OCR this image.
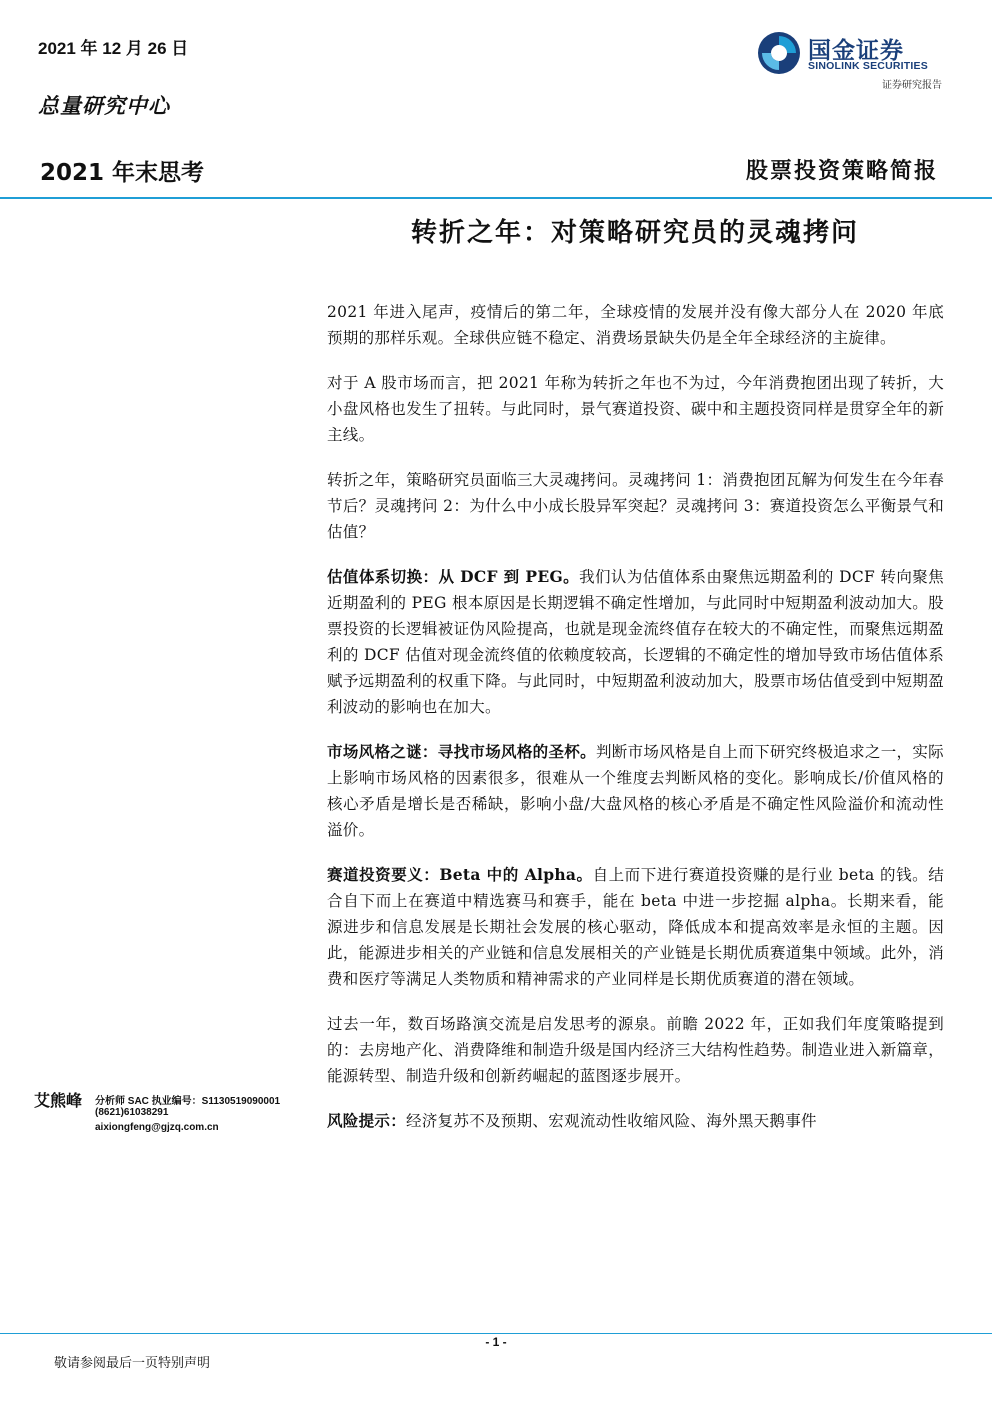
2021 年 12 月 26 日
总量研究中心
国金证券
SINOLINK SECURITIES
证券研究报告
2021 年末思考	股票投资策略简报
转折之年：对策略研究员的灵魂拷问

2021 年进入尾声，疫情后的第二年，全球疫情的发展并没有像大部分人在 2020 年底预期的那样乐观。全球供应链不稳定、消费场景缺失仍是全年全球经济的主旋律。

对于 A 股市场而言，把 2021 年称为转折之年也不为过，今年消费抱团出现了转折，大小盘风格也发生了扭转。与此同时，景气赛道投资、碳中和主题投资同样是贯穿全年的新主线。

转折之年，策略研究员面临三大灵魂拷问。灵魂拷问 1：消费抱团瓦解为何发生在今年春节后？灵魂拷问 2：为什么中小成长股异军突起？灵魂拷问 3：赛道投资怎么平衡景气和估值？

估值体系切换：从 DCF 到 PEG。我们认为估值体系由聚焦远期盈利的 DCF 转向聚焦近期盈利的 PEG 根本原因是长期逻辑不确定性增加，与此同时中短期盈利波动加大。股票投资的长逻辑被证伪风险提高，也就是现金流终值存在较大的不确定性，而聚焦远期盈利的 DCF 估值对现金流终值的依赖度较高，长逻辑的不确定性的增加导致市场估值体系赋予远期盈利的权重下降。与此同时，中短期盈利波动加大，股票市场估值受到中短期盈利波动的影响也在加大。

市场风格之谜：寻找市场风格的圣杯。判断市场风格是自上而下研究终极追求之一，实际上影响市场风格的因素很多，很难从一个维度去判断风格的变化。影响成长/价值风格的核心矛盾是增长是否稀缺，影响小盘/大盘风格的核心矛盾是不确定性风险溢价和流动性溢价。

赛道投资要义：Beta 中的 Alpha。自上而下进行赛道投资赚的是行业 beta 的钱。结合自下而上在赛道中精选赛马和赛手，能在 beta 中进一步挖掘 alpha。长期来看，能源进步和信息发展是长期社会发展的核心驱动，降低成本和提高效率是永恒的主题。因此，能源进步相关的产业链和信息发展相关的产业链是长期优质赛道集中领域。此外，消费和医疗等满足人类物质和精神需求的产业同样是长期优质赛道的潜在领域。

过去一年，数百场路演交流是启发思考的源泉。前瞻 2022 年，正如我们年度策略提到的：去房地产化、消费降维和制造升级是国内经济三大结构性趋势。制造业进入新篇章，能源转型、制造升级和创新药崛起的蓝图逐步展开。

风险提示：经济复苏不及预期、宏观流动性收缩风险、海外黑天鹅事件

艾熊峰 分析师 SAC 执业编号：S1130519090001
(8621)61038291
aixiongfeng@gjzq.com.cn
- 1 -
敬请参阅最后一页特别声明
